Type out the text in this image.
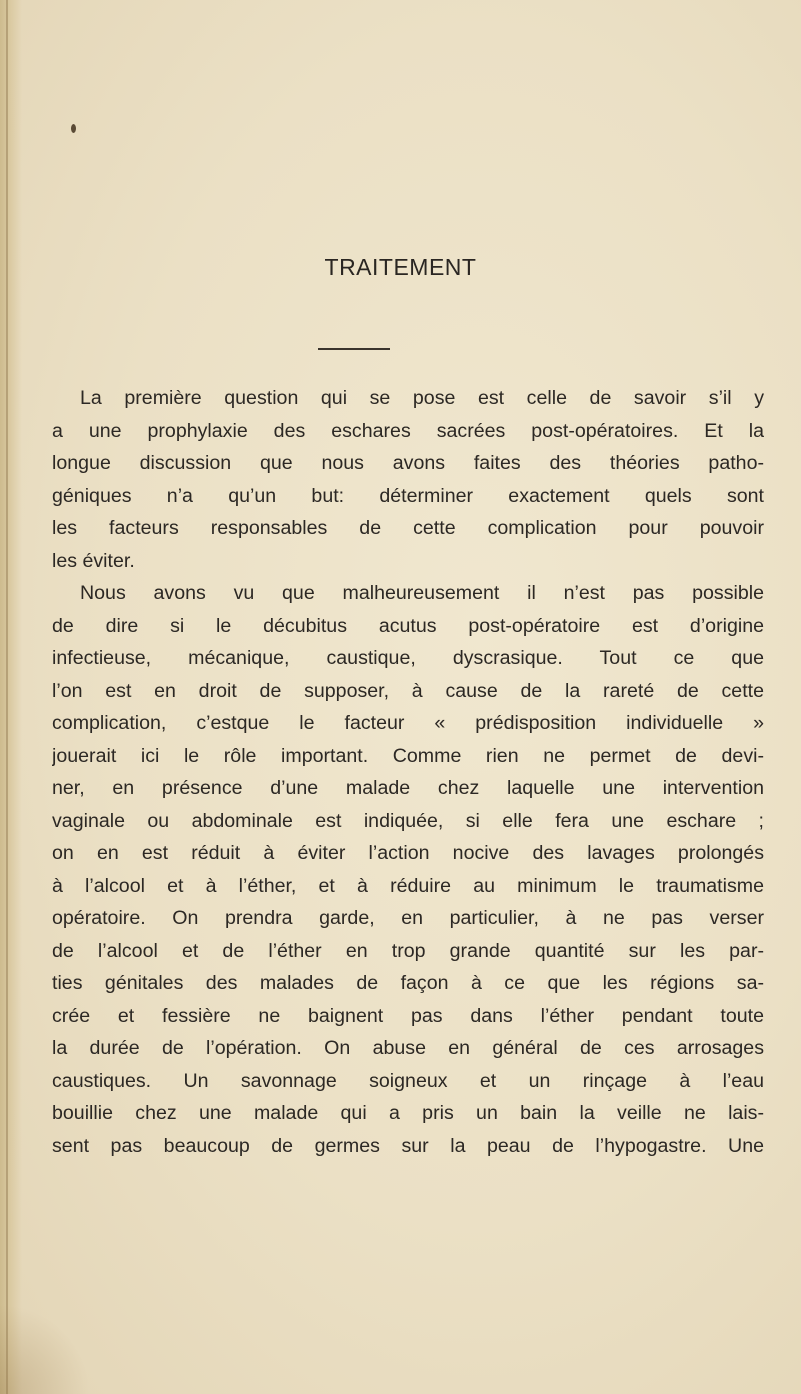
TRAITEMENT
La première question qui se pose est celle de savoir s’il y
a une prophylaxie des eschares sacrées post-opératoires. Et la
longue discussion que nous avons faites des théories patho-
géniques n’a qu’un but: déterminer exactement quels sont
les facteurs responsables de cette complication pour pouvoir
les éviter.
Nous avons vu que malheureusement il n’est pas possible
de dire si le décubitus acutus post-opératoire est d’origine
infectieuse, mécanique, caustique, dyscrasique. Tout ce que
l’on est en droit de supposer, à cause de la rareté de cette
complication, c’estque le facteur « prédisposition individuelle »
jouerait ici le rôle important. Comme rien ne permet de devi-
ner, en présence d’une malade chez laquelle une intervention
vaginale ou abdominale est indiquée, si elle fera une eschare ;
on en est réduit à éviter l’action nocive des lavages prolongés
à l’alcool et à l’éther, et à réduire au minimum le traumatisme
opératoire. On prendra garde, en particulier, à ne pas verser
de l’alcool et de l’éther en trop grande quantité sur les par-
ties génitales des malades de façon à ce que les régions sa-
crée et fessière ne baignent pas dans l’éther pendant toute
la durée de l’opération. On abuse en général de ces arrosages
caustiques. Un savonnage soigneux et un rinçage à l’eau
bouillie chez une malade qui a pris un bain la veille ne lais-
sent pas beaucoup de germes sur la peau de l’hypogastre. Une
